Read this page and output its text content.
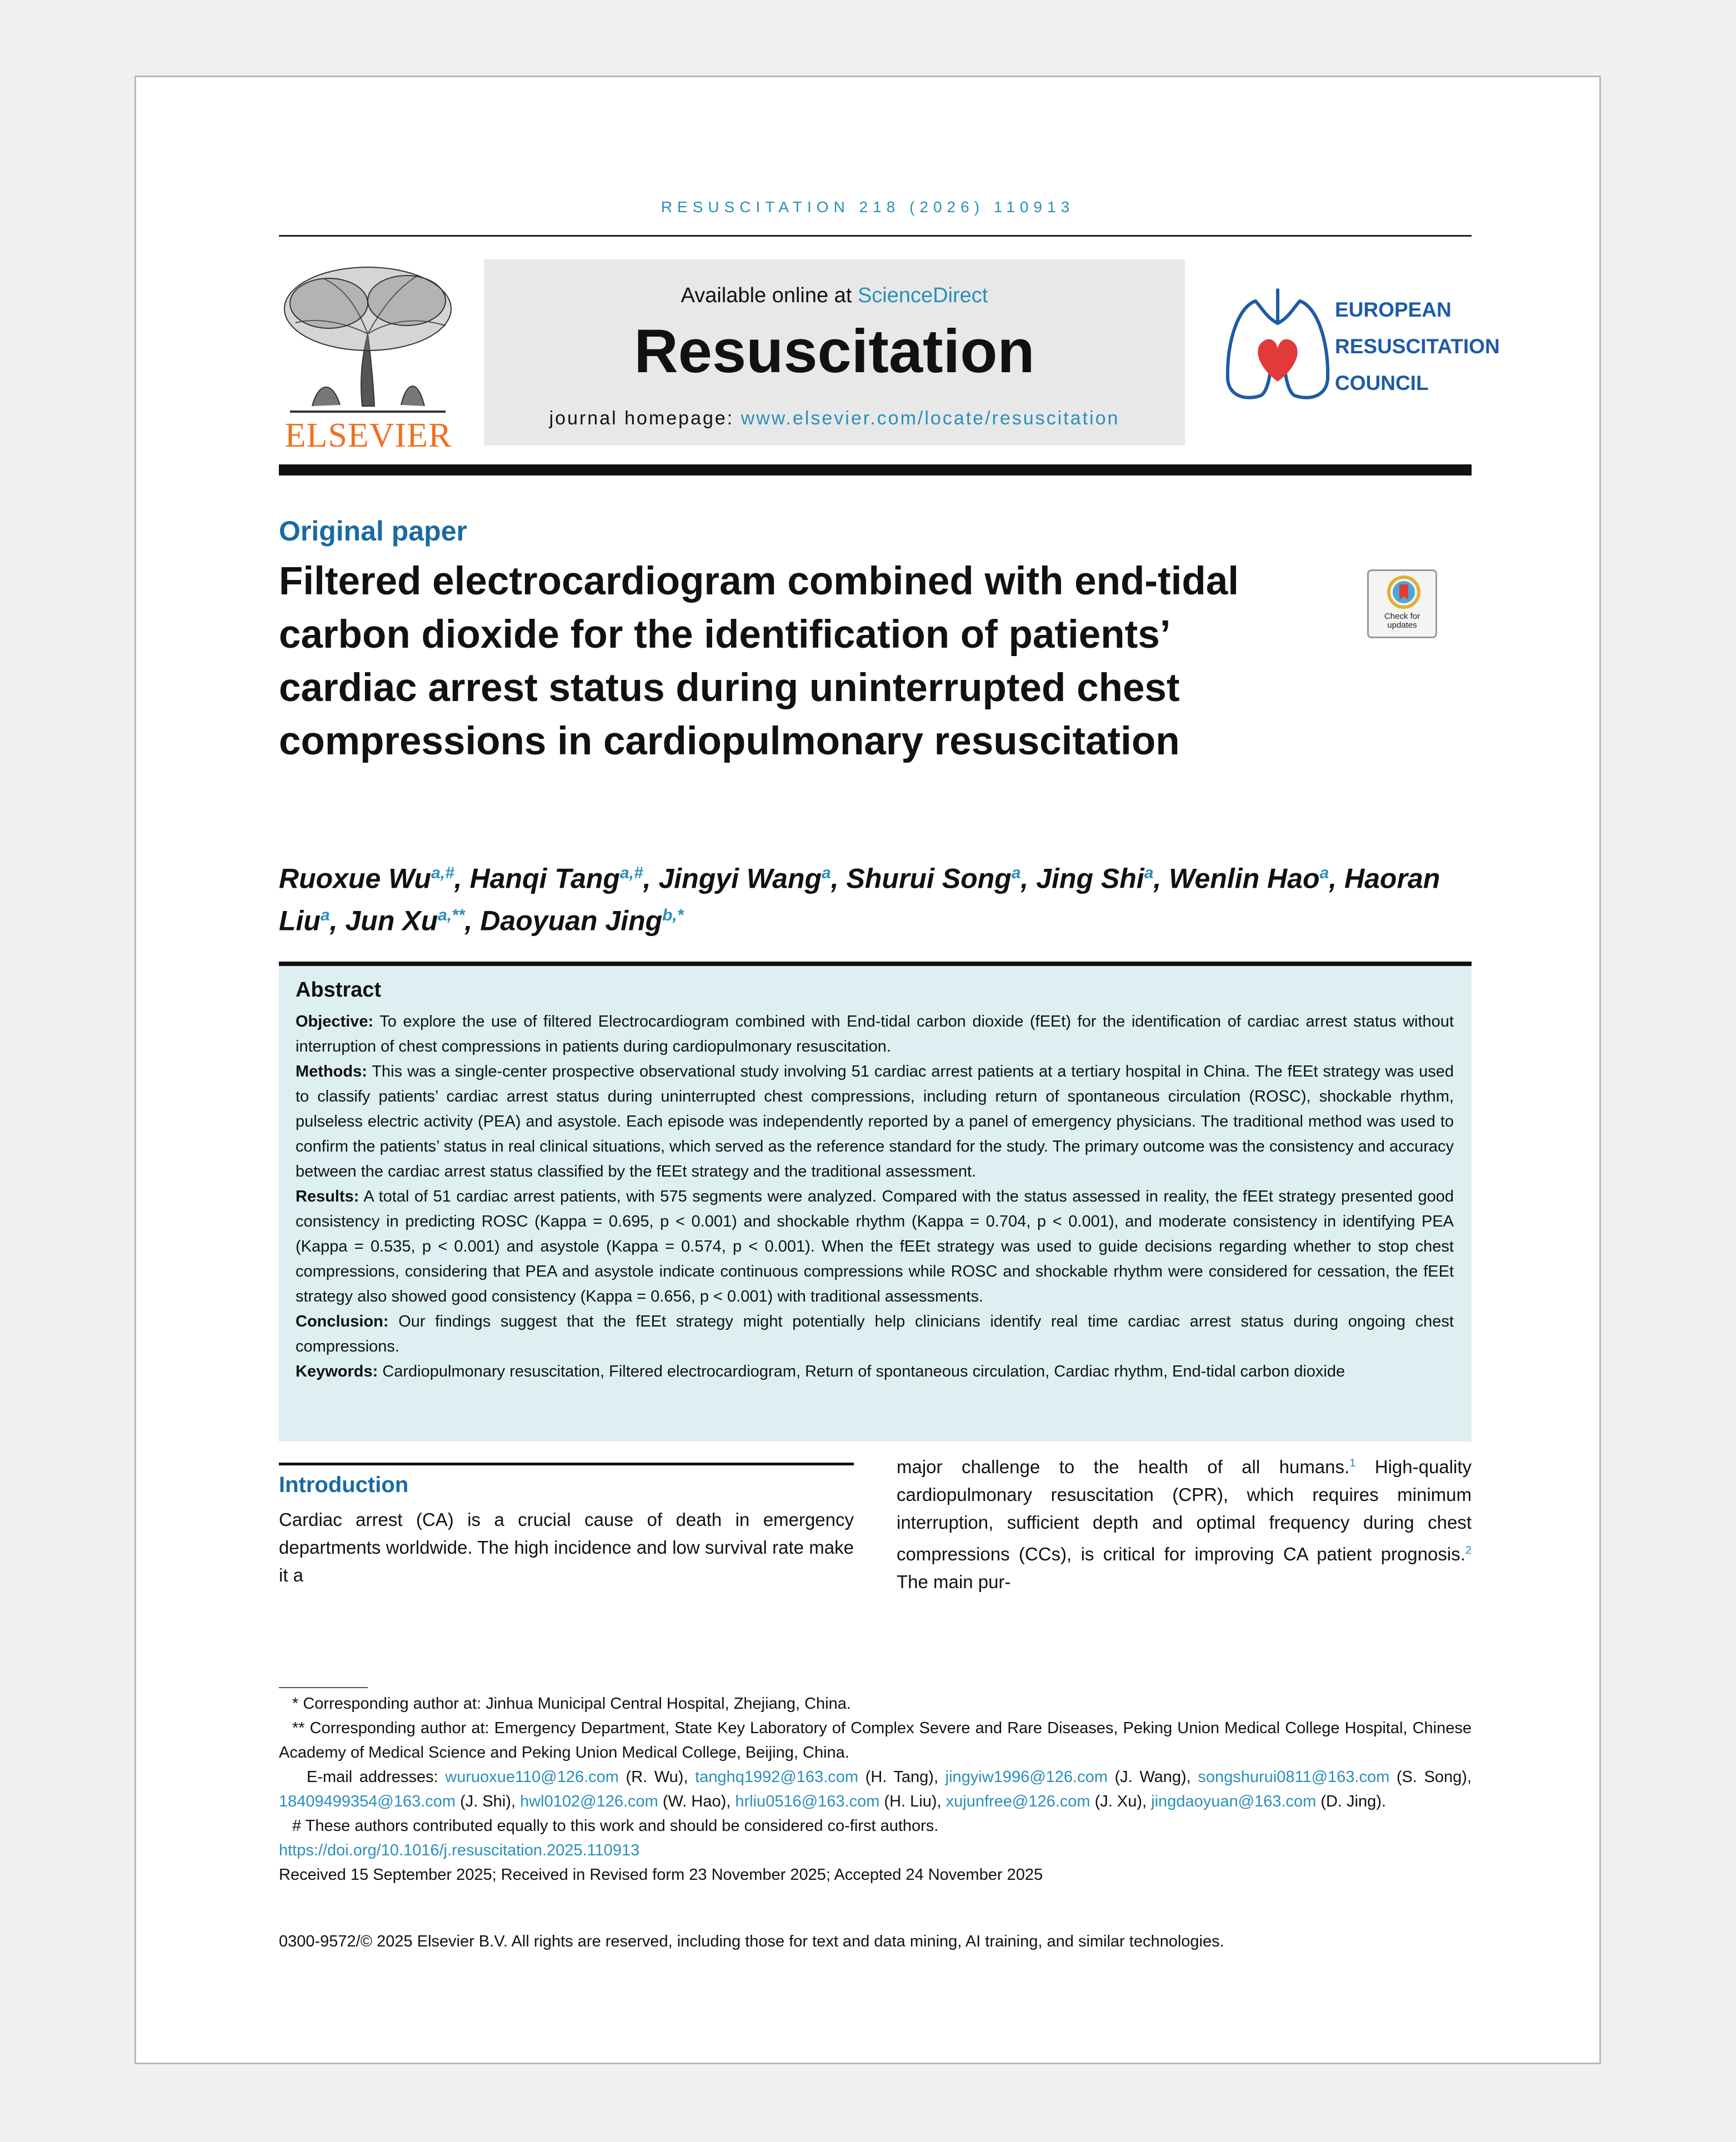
RESUSCITATION 218 (2026) 110913
ELSEVIER
Available online at ScienceDirect
Resuscitation
journal homepage: www.elsevier.com/locate/resuscitation
EUROPEAN
RESUSCITATION
COUNCIL
Original paper
Filtered electrocardiogram combined with end-tidal carbon dioxide for the identification of patients’ cardiac arrest status during uninterrupted chest compressions in cardiopulmonary resuscitation
Check for updates
Ruoxue $Wu^{a,\#}$, Hanqi Tang$^{a,\#}$, Jingyi Wang$^a$, Shurui Song$^a$, Jing Shi$^a$, Wenlin Hao$^a$, Haoran Liu$^a$, Jun $Xu^{a,**}$, Daoyuan Jing$^{b,*}$
Abstract

Objective: To explore the use of filtered Electrocardiogram combined with End-tidal carbon dioxide (fEEt) for the identification of cardiac arrest status without interruption of chest compressions in patients during cardiopulmonary resuscitation.

Methods: This was a single-center prospective observational study involving 51 cardiac arrest patients at a tertiary hospital in China. The fEEt strategy was used to classify patients’ cardiac arrest status during uninterrupted chest compressions, including return of spontaneous circulation (ROSC), shockable rhythm, pulseless electric activity (PEA) and asystole. Each episode was independently reported by a panel of emergency physicians. The traditional method was used to confirm the patients’ status in real clinical situations, which served as the reference standard for the study. The primary outcome was the consistency and accuracy between the cardiac arrest status classified by the fEEt strategy and the traditional assessment.

Results: A total of 51 cardiac arrest patients, with 575 segments were analyzed. Compared with the status assessed in reality, the fEEt strategy presented good consistency in predicting ROSC (Kappa = 0.695, p < 0.001) and shockable rhythm (Kappa = 0.704, p < 0.001), and moderate consistency in identifying PEA (Kappa = 0.535, p < 0.001) and asystole (Kappa = 0.574, p < 0.001). When the fEEt strategy was used to guide decisions regarding whether to stop chest compressions, considering that PEA and asystole indicate continuous compressions while ROSC and shockable rhythm were considered for cessation, the fEEt strategy also showed good consistency (Kappa = 0.656, p < 0.001) with traditional assessments.

Conclusion: Our findings suggest that the fEEt strategy might potentially help clinicians identify real time cardiac arrest status during ongoing chest compressions.

Keywords: Cardiopulmonary resuscitation, Filtered electrocardiogram, Return of spontaneous circulation, Cardiac rhythm, End-tidal carbon dioxide

Introduction

Cardiac arrest (CA) is a crucial cause of death in emergency departments worldwide. The high incidence and low survival rate make it a

major challenge to the health of all humans.$^1$ High-quality cardiopulmonary resuscitation (CPR), which requires minimum interruption, sufficient depth and optimal frequency during chest compressions (CCs), is critical for improving CA patient prognosis.$^2$ The main pur-

* Corresponding author at: Jinhua Municipal Central Hospital, Zhejiang, China.

** Corresponding author at: Emergency Department, State Key Laboratory of Complex Severe and Rare Diseases, Peking Union Medical College Hospital, Chinese Academy of Medical Science and Peking Union Medical College, Beijing, China.

E-mail addresses: wuruoxue110@126.com (R. Wu), tanghq1992@163.com (H. Tang), jingyiw1996@126.com (J. Wang), songshurui0811@163.com (S. Song), 18409499354@163.com (J. Shi), hwl0102@126.com (W. Hao), hrliu0516@163.com (H. Liu), xujunfree@126.com (J. Xu), jingdaoyuan@163.com (D. Jing).

# These authors contributed equally to this work and should be considered co-first authors.

https://doi.org/10.1016/j.resuscitation.2025.110913

Received 15 September 2025; Received in Revised form 23 November 2025; Accepted 24 November 2025

0300-9572/© 2025 Elsevier B.V. All rights are reserved, including those for text and data mining, AI training, and similar technologies.
